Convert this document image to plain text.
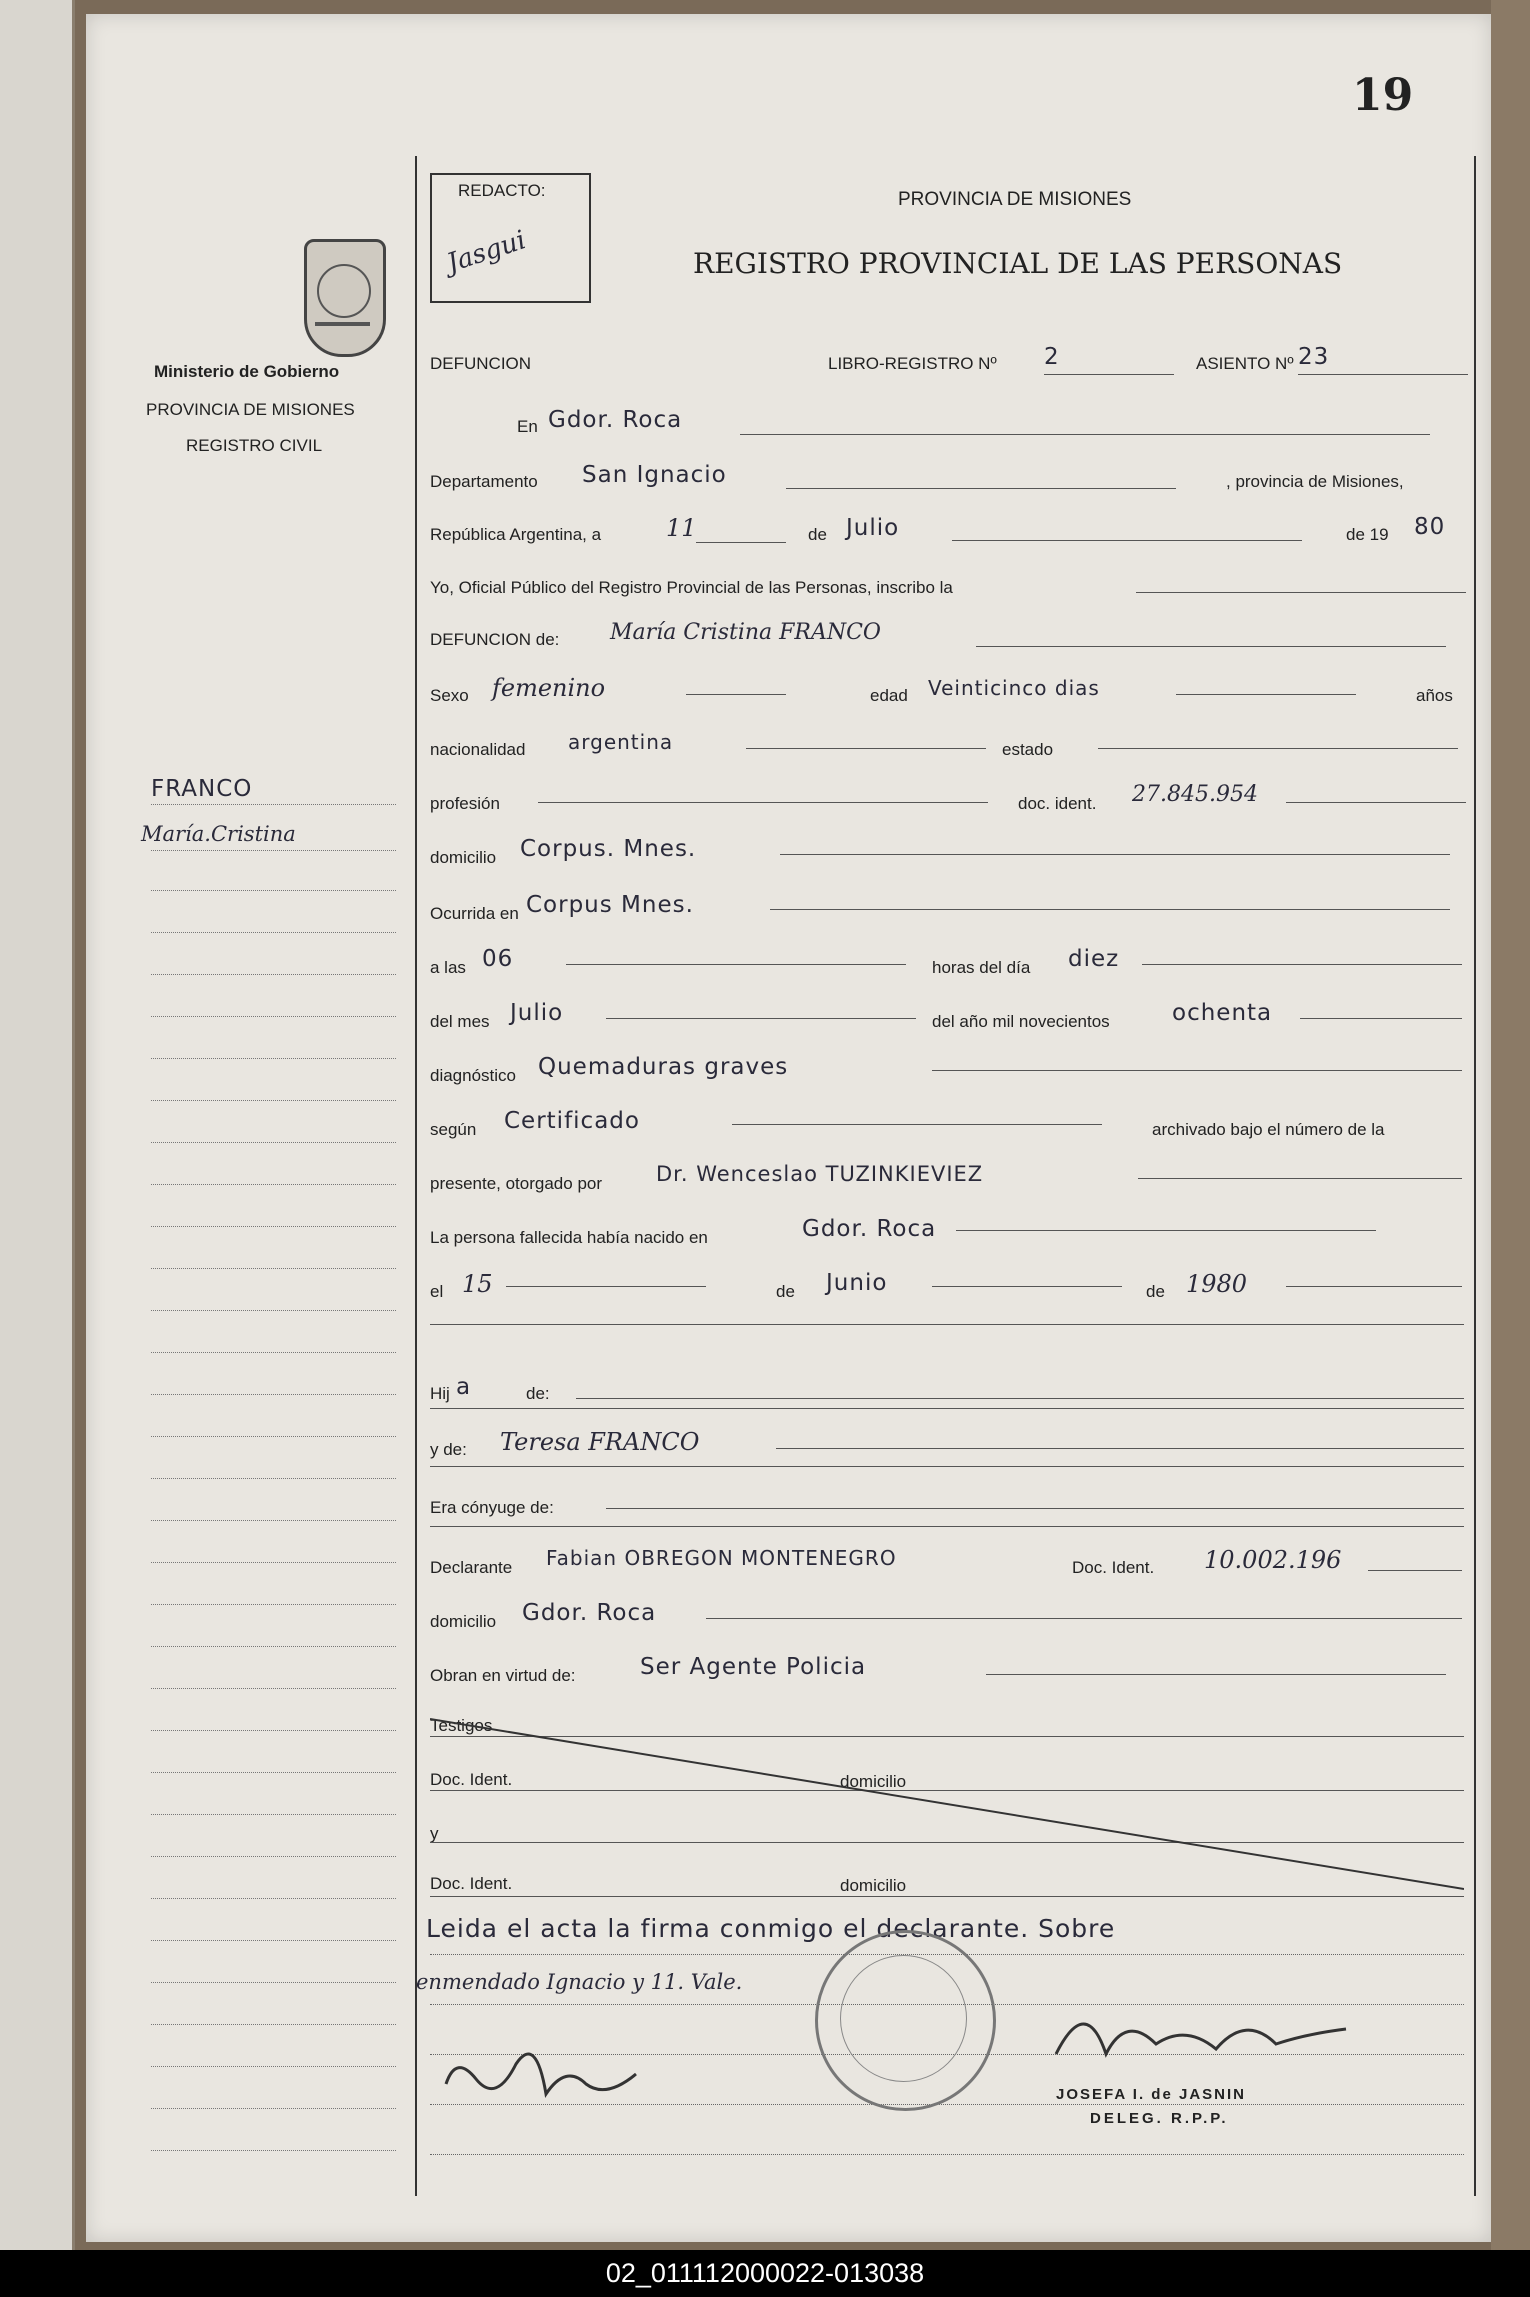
19
Ministerio de Gobierno
PROVINCIA DE MISIONES
REGISTRO CIVIL
FRANCO
María.Cristina
REDACTO:
Jasgui
PROVINCIA DE MISIONES
REGISTRO PROVINCIAL DE LAS PERSONAS
DEFUNCION	LIBRO-REGISTRO Nº 2	ASIENTO Nº 23
En Gdor. Roca
Departamento San Ignacio	, provincia de Misiones,
República Argentina, a	11	de Julio	de 19 80
Yo, Oficial Público del Registro Provincial de las Personas, inscribo la
DEFUNCION de: María Cristina FRANCO
Sexo femenino	edad Veinticinco dias	años
nacionalidad argentina	estado
profesión	doc. ident. 27.845.954
domicilio Corpus. Mnes.
Ocurrida en Corpus Mnes.
a las 06	horas del día diez
del mes Julio	del año mil novecientos	ochenta
diagnóstico Quemaduras graves
según Certificado	archivado bajo el número de la
presente, otorgado por	Dr. Wenceslao TUZINKIEVIEZ
La persona fallecida había nacido en	Gdor. Roca
el 15	de Junio	de 1980
Hij a	de:
y de: Teresa FRANCO
Era cónyuge de:
Declarante Fabian OBREGON MONTENEGRO	Doc. Ident. 10.002.196
domicilio Gdor. Roca
Obran en virtud de:	Ser Agente Policia
Testigos
Doc. Ident.	domicilio
y
Doc. Ident.	domicilio
Leida el acta la firma conmigo el declarante. Sobre
enmendado Ignacio y 11. Vale.
JOSEFA I. de JASNIN
DELEG. R.P.P.
02_011112000022-013038
